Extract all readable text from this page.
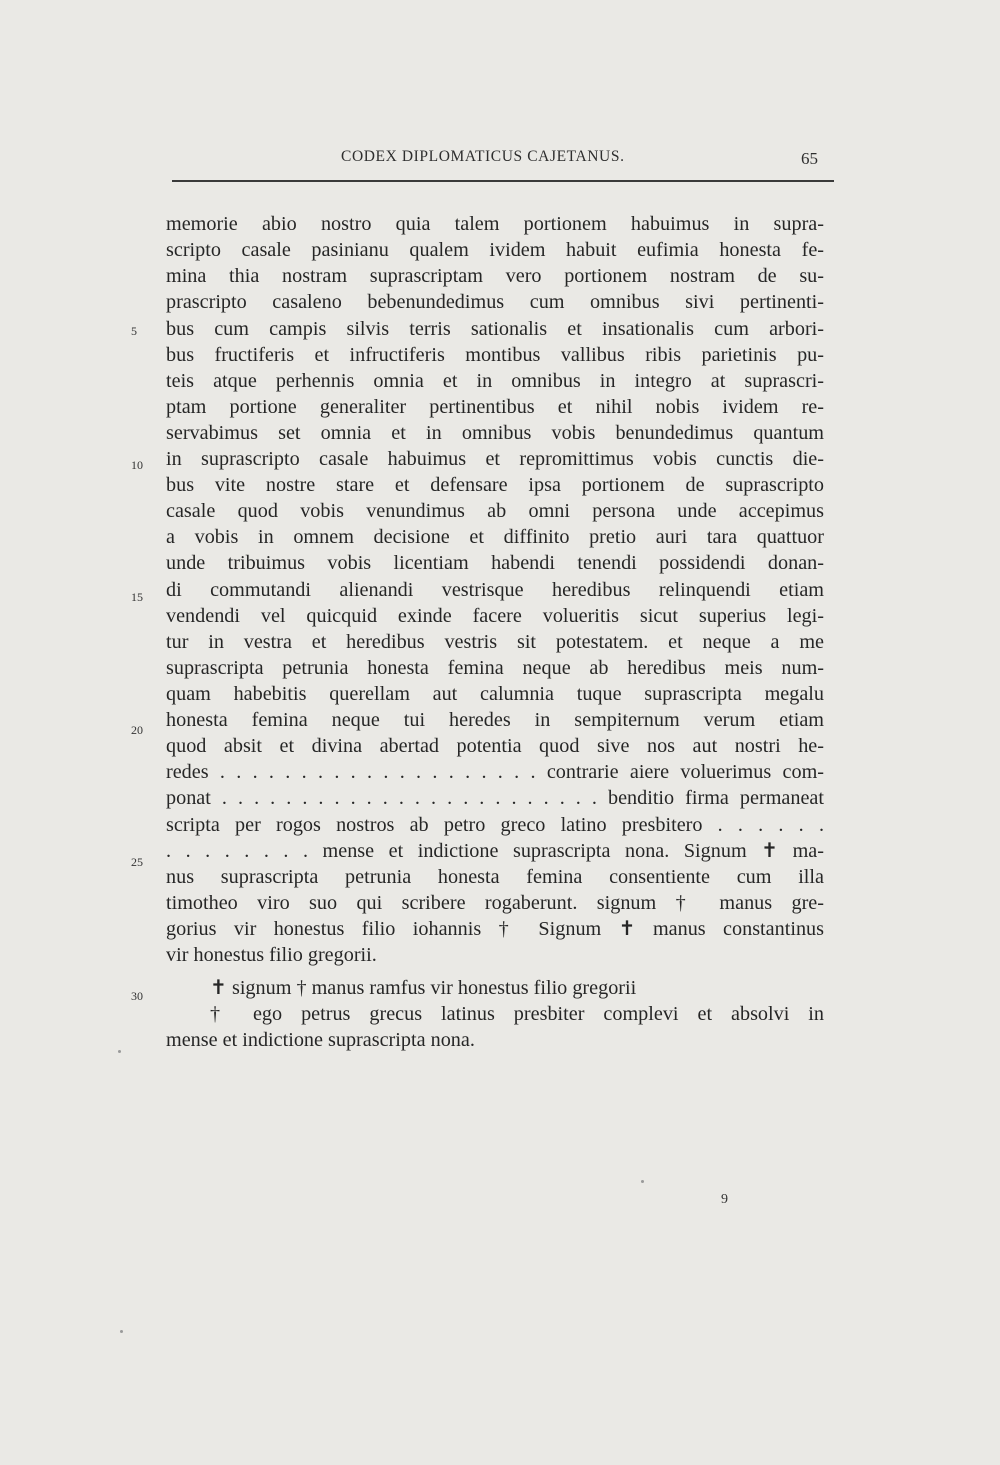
CODEX DIPLOMATICUS CAJETANUS.	65
memorie abio nostro quia talem portionem habuimus in supra-
scripto casale pasinianu qualem ividem habuit eufimia honesta fe-
mina thia nostram suprascriptam vero portionem nostram de su-
prascripto casaleno bebenundedimus cum omnibus sivi pertinenti-
bus cum campis silvis terris sationalis et insationalis cum arbori-
bus fructiferis et infructiferis montibus vallibus ribis parietinis pu-
teis atque perhennis omnia et in omnibus in integro at suprascri-
ptam portione generaliter pertinentibus et nihil nobis ividem re-
servabimus set omnia et in omnibus vobis benundedimus quantum
in suprascripto casale habuimus et repromittimus vobis cunctis die-
bus vite nostre stare et defensare ipsa portionem de suprascripto
casale quod vobis venundimus ab omni persona unde accepimus
a vobis in omnem decisione et diffinito pretio auri tara quattuor
unde tribuimus vobis licentiam habendi tenendi possidendi donan-
di commutandi alienandi vestrisque heredibus relinquendi etiam
vendendi vel quicquid exinde facere volueritis sicut superius legi-
tur in vestra et heredibus vestris sit potestatem. et neque a me
suprascripta petrunia honesta femina neque ab heredibus meis num-
quam habebitis querellam aut calumnia tuque suprascripta megalu
honesta femina neque tui heredes in sempiternum verum etiam
quod absit et divina abertad potentia quod sive nos aut nostri he-
redes . . . . . . . . . . . . . . . . . . . . contrarie aiere voluerimus com-
ponat . . . . . . . . . . . . . . . . . . . . . . . . benditio firma permaneat
scripta per rogos nostros ab petro greco latino presbitero . . . . . .
. . . . . . . . mense et indictione suprascripta nona. Signum ✝ ma-
nus suprascripta petrunia honesta femina consentiente cum illa
timotheo viro suo qui scribere rogaberunt. signum † manus gre-
gorius vir honestus filio iohannis † Signum ✝ manus constantinus
vir honestus filio gregorii.
✝ signum † manus ramfus vir honestus filio gregorii
† ego petrus grecus latinus presbiter complevi et absolvi in
mense et indictione suprascripta nona.
5
10
15
20
25
30
9
